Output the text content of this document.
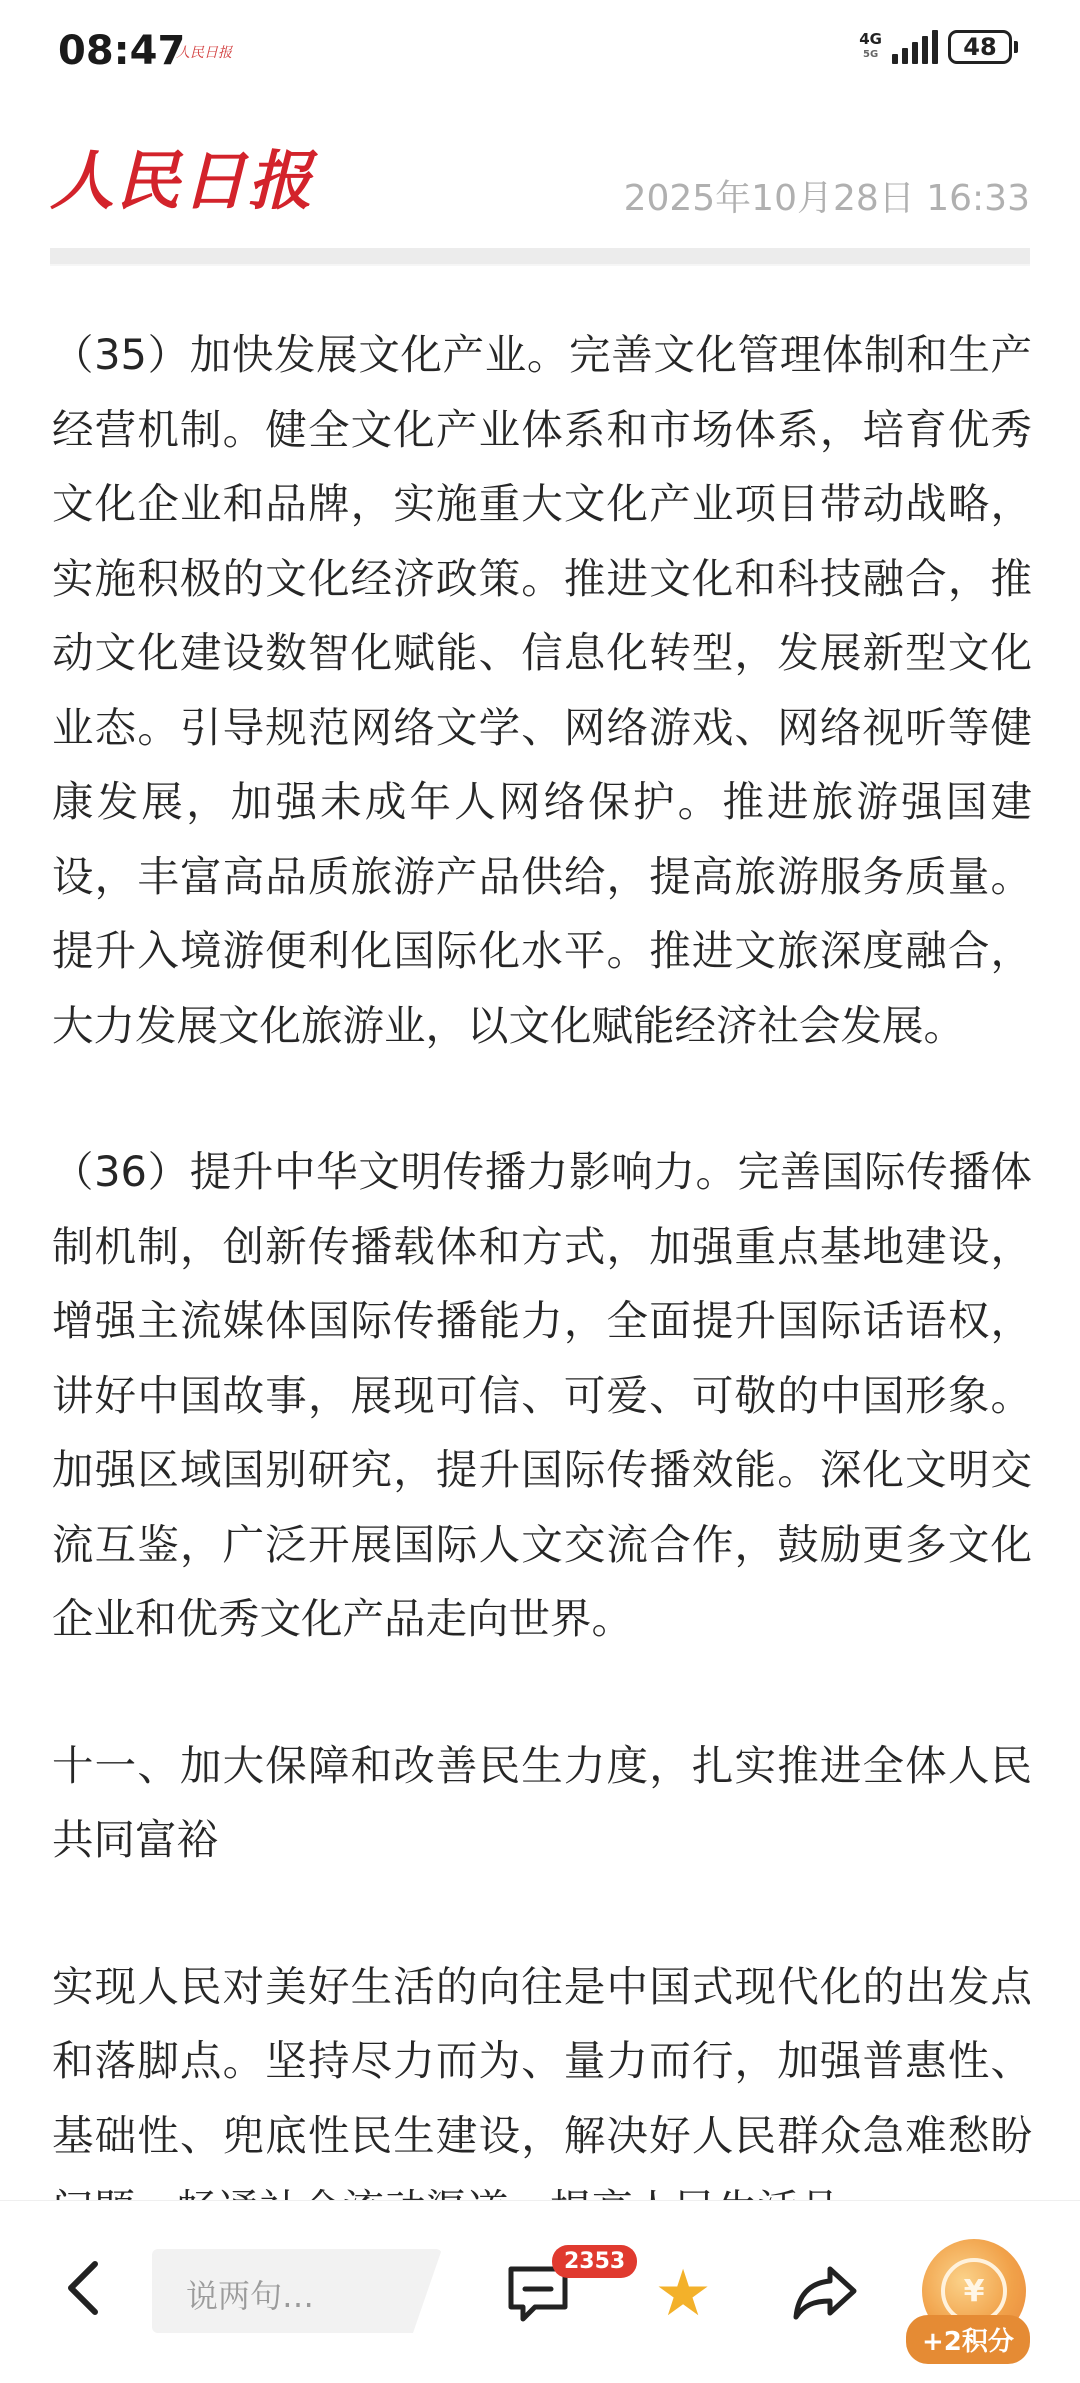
08:47
人民日报
4G
5G	48
人民日报	2025年10月28日 16:33

（35）加快发展文化产业。完善文化管理体制和生产经营机制。健全文化产业体系和市场体系，培育优秀文化企业和品牌，实施重大文化产业项目带动战略，实施积极的文化经济政策。推进文化和科技融合，推动文化建设数智化赋能、信息化转型，发展新型文化业态。引导规范网络文学、网络游戏、网络视听等健康发展，加强未成年人网络保护。推进旅游强国建设，丰富高品质旅游产品供给，提高旅游服务质量。提升入境游便利化国际化水平。推进文旅深度融合，大力发展文化旅游业，以文化赋能经济社会发展。

（36）提升中华文明传播力影响力。完善国际传播体制机制，创新传播载体和方式，加强重点基地建设，增强主流媒体国际传播能力，全面提升国际话语权，讲好中国故事，展现可信、可爱、可敬的中国形象。加强区域国别研究，提升国际传播效能。深化文明交流互鉴，广泛开展国际人文交流合作，鼓励更多文化企业和优秀文化产品走向世界。

十一、加大保障和改善民生力度，扎实推进全体人民共同富裕

实现人民对美好生活的向往是中国式现代化的出发点和落脚点。坚持尽力而为、量力而行，加强普惠性、基础性、兜底性民生建设，解决好人民群众急难愁盼

说两句…
2353 ★	¥
+2积分
